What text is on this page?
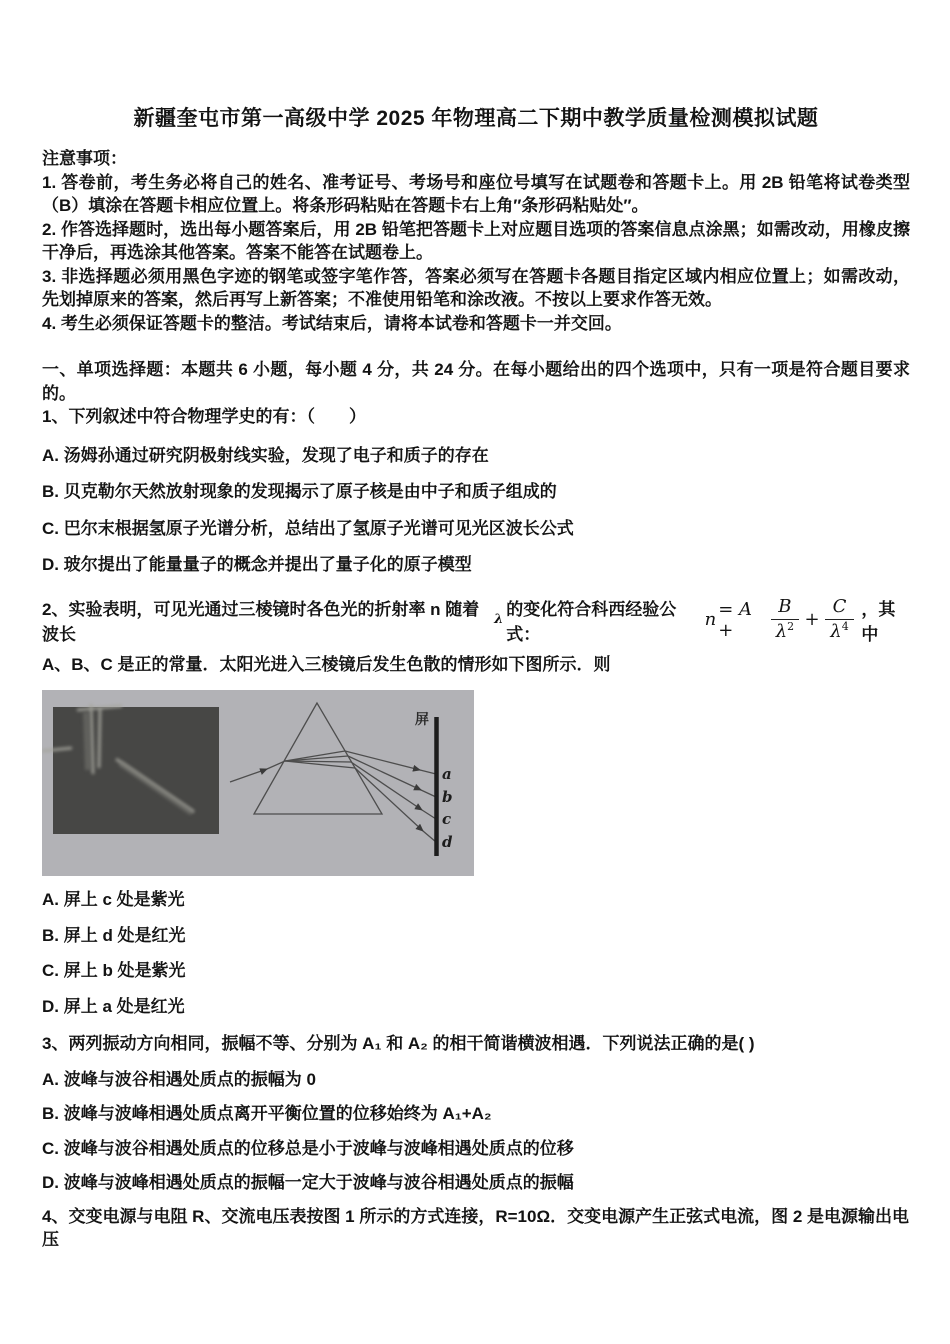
新疆奎屯市第一高级中学 2025 年物理高二下期中教学质量检测模拟试题
注意事项：

1. 答卷前，考生务必将自己的姓名、准考证号、考场号和座位号填写在试题卷和答题卡上。用 2B 铅笔将试卷类型（B）填涂在答题卡相应位置上。将条形码粘贴在答题卡右上角″条形码粘贴处″。

2. 作答选择题时，选出每小题答案后，用 2B 铅笔把答题卡上对应题目选项的答案信息点涂黑；如需改动，用橡皮擦干净后，再选涂其他答案。答案不能答在试题卷上。

3. 非选择题必须用黑色字迹的钢笔或签字笔作答，答案必须写在答题卡各题目指定区域内相应位置上；如需改动，先划掉原来的答案，然后再写上新答案；不准使用铅笔和涂改液。不按以上要求作答无效。

4. 考生必须保证答题卡的整洁。考试结束后，请将本试卷和答题卡一并交回。

一、单项选择题：本题共 6 小题，每小题 4 分，共 24 分。在每小题给出的四个选项中，只有一项是符合题目要求的。
1、下列叙述中符合物理学史的有：（　　）
A. 汤姆孙通过研究阴极射线实验，发现了电子和质子的存在
B. 贝克勒尔天然放射现象的发现揭示了原子核是由中子和质子组成的
C. 巴尔末根据氢原子光谱分析，总结出了氢原子光谱可见光区波长公式
D. 玻尔提出了能量量子的概念并提出了量子化的原子模型
2、实验表明，可见光通过三棱镜时各色光的折射率 n 随着波长
λ
的变化符合科西经验公式：
n = A +	$\frac{B}{\lambda^2} + \frac{C}{\lambda^4}$ ，其中
A、B、C 是正的常量．太阳光进入三棱镜后发生色散的情形如下图所示．则
屏
a
b
c
d
A. 屏上 c 处是紫光
B. 屏上 d 处是红光
C. 屏上 b 处是紫光
D. 屏上 a 处是红光
3、两列振动方向相同，振幅不等、分别为 A₁ 和 A₂ 的相干简谐横波相遇．下列说法正确的是( )
A. 波峰与波谷相遇处质点的振幅为 0
B. 波峰与波峰相遇处质点离开平衡位置的位移始终为 A₁+A₂
C. 波峰与波谷相遇处质点的位移总是小于波峰与波峰相遇处质点的位移
D. 波峰与波峰相遇处质点的振幅一定大于波峰与波谷相遇处质点的振幅
4、交变电源与电阻 R、交流电压表按图 1 所示的方式连接，R=10Ω．交变电源产生正弦式电流，图 2 是电源输出电压
